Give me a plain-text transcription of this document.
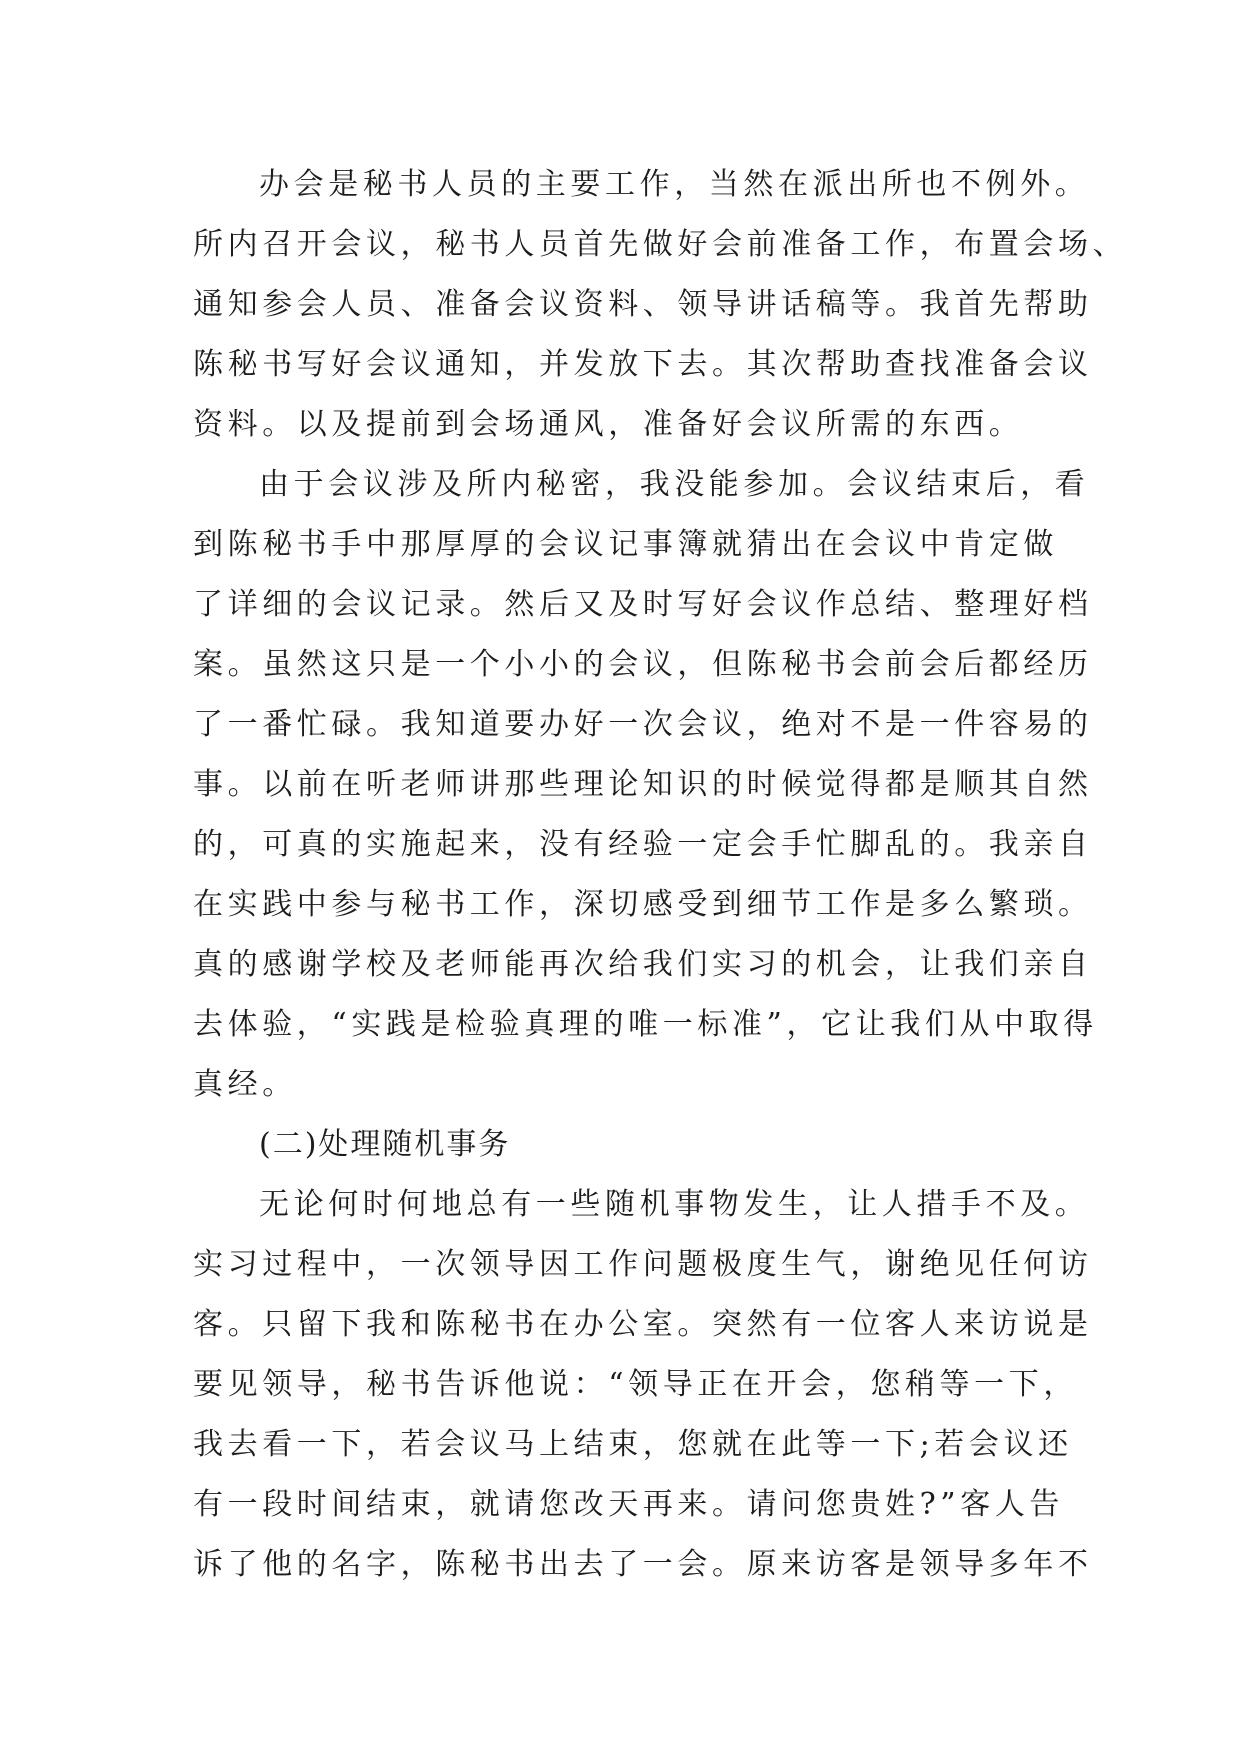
办会是秘书人员的主要工作，当然在派出所也不例外。
所内召开会议，秘书人员首先做好会前准备工作，布置会场、
通知参会人员、准备会议资料、领导讲话稿等。我首先帮助
陈秘书写好会议通知，并发放下去。其次帮助查找准备会议
资料。以及提前到会场通风，准备好会议所需的东西。
由于会议涉及所内秘密，我没能参加。会议结束后，看
到陈秘书手中那厚厚的会议记事簿就猜出在会议中肯定做
了详细的会议记录。然后又及时写好会议作总结、整理好档
案。虽然这只是一个小小的会议，但陈秘书会前会后都经历
了一番忙碌。我知道要办好一次会议，绝对不是一件容易的
事。以前在听老师讲那些理论知识的时候觉得都是顺其自然
的，可真的实施起来，没有经验一定会手忙脚乱的。我亲自
在实践中参与秘书工作，深切感受到细节工作是多么繁琐。
真的感谢学校及老师能再次给我们实习的机会，让我们亲自
去体验，“实践是检验真理的唯一标准”，它让我们从中取得
真经。
(二)处理随机事务
无论何时何地总有一些随机事物发生，让人措手不及。
实习过程中，一次领导因工作问题极度生气，谢绝见任何访
客。只留下我和陈秘书在办公室。突然有一位客人来访说是
要见领导，秘书告诉他说：“领导正在开会，您稍等一下，
我去看一下，若会议马上结束，您就在此等一下;若会议还
有一段时间结束，就请您改天再来。请问您贵姓?”客人告
诉了他的名字，陈秘书出去了一会。原来访客是领导多年不
